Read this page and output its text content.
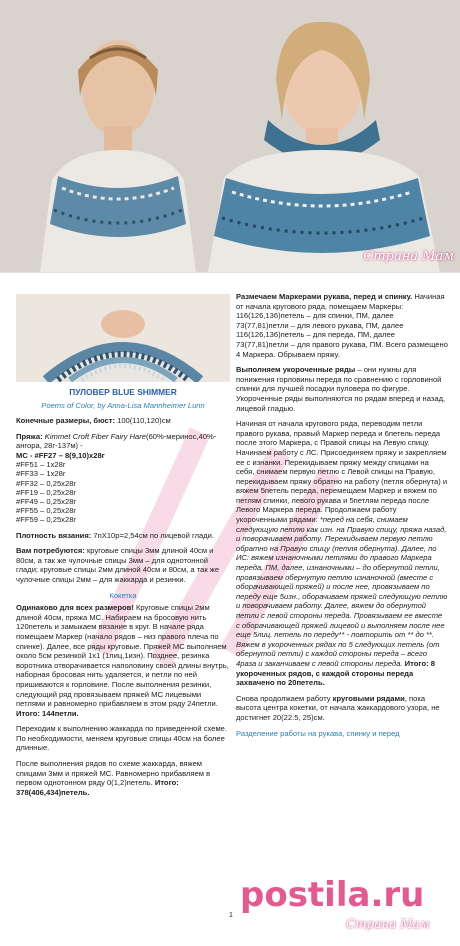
Страна Мам
ПУЛОВЕР BLUE SHIMMER
Poems of Color, by Anna-Lisa Mannheimer Lunn
Конечные размеры, бюст: 100(110,120)см
Пряжа: Kimmet Croft Fiber Fairy Hare(60%-меринос,40%-ангора, 28г-137м) -
МС - #FF27 – 8(9,10)х28г
#FF51 – 1х28г
#FF33 – 1х28г
#FF32 – 0,25х28г
#FF19 – 0,25х28г
#FF49 – 0,25х28г
#FF55 – 0,25х28г
#FF59 – 0,25х28г
Плотность вязания: 7пХ10р=2,54см по лицевой глади.
Вам потребуются: круговые спицы 3мм длиной 40см и 80см, а так же чулочные спицы 3мм – для однотонной глади; круговые спицы 2мм длиной 40см и 80см, а так же чулочные спицы 2мм – для жаккарда и резинки.
Кокетка
Одинаково для всех размеров! Круговые спицы 2мм длиной 40см, пряжа МС. Набираем на бросовую нить 120петель и замыкаем вязание в круг. В начале ряда помещаем Маркер (начало рядов – низ правого плеча по спинке). Далее, все ряды круговые. Пряжей МС выполняем около 5см резинкой 1х1 (1лиц,1изн). Позднее, резинка воротника отворачивается наполовину своей длины внутрь, наборная бросовая нить удаляется, и петли по ней пришиваются к горловине. После выполнения резинки, следующий ряд провязываем пряжей МС лицевыми петлями и равномерно прибавляем в этом ряду 24петли. Итого: 144петли.
Переходим к выполнению жаккарда по приведенной схеме. По необходимости, меняем круговые спицы 40см на более длинные.
После выполнения рядов по схеме жаккарда, вяжем спицами 3мм и пряжей МС. Равномерно прибавляем в первом однотонном ряду 0(1,2)петель. Итого: 378(406,434)петель.
Размечаем Маркерами рукава, перед и спинку. Начиная от начала кругового ряда, помещаем Маркеры: 116(126,136)петель – для спинки, ПМ, далее 73(77,81)петли – для левого рукава, ПМ, далее 116(126,136)петель – для переда, ПМ, далее 73(77,81)петли – для правого рукава, ПМ. Всего размещено 4 Маркера. Обрываем пряжу.
Выполняем укороченные ряды – они нужны для понижения горловины переда по сравнению с горловиной спинки для лучшей посадки пуловера по фигуре. Укороченные ряды выполняются по рядам вперед и назад, лицевой гладью.
Начиная от начала кругового ряда, переводим петли правого рукава, правый Маркер переда и 6петель переда после этого Маркера, с Правой спицы на Левую спицу. Начинаем работу с ЛС. Присоединяем пряжу и закрепляем ее с изнанки. Перекидываем пряжу между спицами на себя, снимаем первую петлю с Левой спицы на Правую, перекидываем пряжу обратно на работу (петля обернута) и вяжем 5петель переда, перемещаем Маркер и вяжем по петлям спинки, левого рукава и 5петлям переда после Левого Маркера переда. Продолжаем работу укороченными рядами: *перед на себя, снимаем следующую петлю как изн. на Правую спицу, пряжа назад, и поворачиваем работу. Перекидываем первую петлю обратно на Правую спицу (петля обернута). Далее, по ИС: вяжем изнаночными петлями до правого Маркера переда, ПМ, далее, изнаночными – до обернутой петли, провязываем обернутую петлю изнаночной (вместе с оборачивающей пряжей) и после нее, провязываем по переду еще 5изн., оборачиваем пряжей следующую петлю и поворачиваем работу. Далее, вяжем до обернутой петли с левой стороны переда. Провязываем ее вместе с оборачивающей пряжей лицевой и выполняем после нее еще 5лиц. петель по переду** - повторить от ** до **. Вяжем в укороченных рядах по 5 следующих петель (от обернутой петли) с каждой стороны переда – всего 4раза и заканчиваем с левой стороны переда. Итого: 8 укороченных рядов, с каждой стороны переда захвачено по 20петель.
Снова продолжаем работу круговыми рядами, пока высота центра кокетки, от начала жаккардового узора, не достигнет 20(22.5, 25)см.
Разделение работы на рукава, спинку и перед
1
postila.ru
Страна Мам
